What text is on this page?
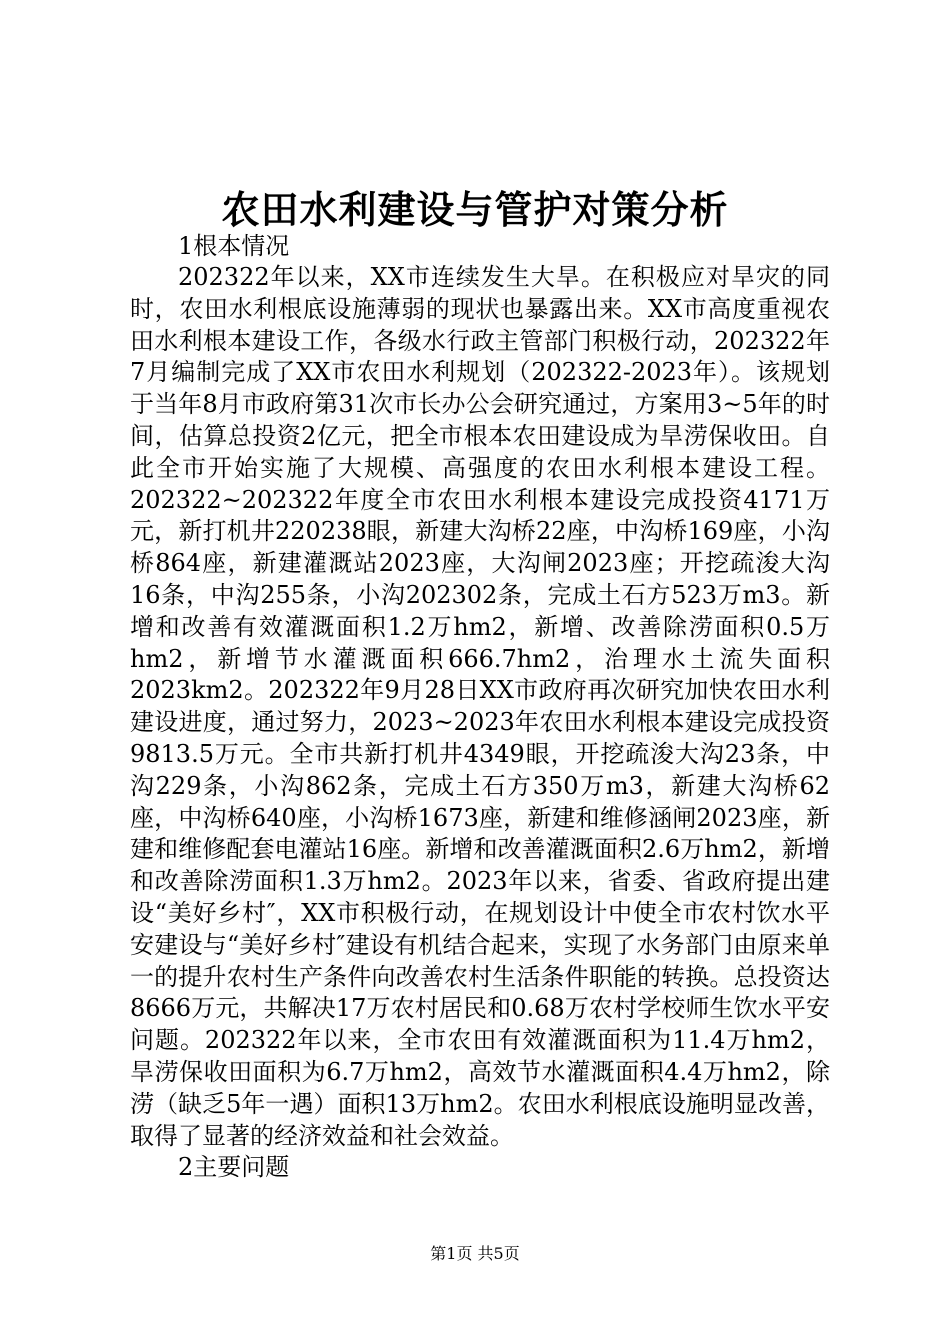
农田水利建设与管护对策分析
1根本情况

202322年以来，XX市连续发生大旱。在积极应对旱灾的同时，农田水利根底设施薄弱的现状也暴露出来。XX市高度重视农田水利根本建设工作，各级水行政主管部门积极行动，202322年7月编制完成了XX市农田水利规划（202322-2023年）。该规划于当年8月市政府第31次市长办公会研究通过，方案用3~5年的时间，估算总投资2亿元，把全市根本农田建设成为旱涝保收田。自此全市开始实施了大规模、高强度的农田水利根本建设工程。202322~202322年度全市农田水利根本建设完成投资4171万元，新打机井220238眼，新建大沟桥22座，中沟桥169座，小沟桥864座，新建灌溉站2023座，大沟闸2023座；开挖疏浚大沟16条，中沟255条，小沟202302条，完成土石方523万m3。新增和改善有效灌溉面积1.2万hm2，新增、改善除涝面积0.5万hm2，新增节水灌溉面积666.7hm2，治理水土流失面积2023km2。202322年9月28日XX市政府再次研究加快农田水利建设进度，通过努力，2023~2023年农田水利根本建设完成投资9813.5万元。全市共新打机井4349眼，开挖疏浚大沟23条，中沟229条，小沟862条，完成土石方350万m3，新建大沟桥62座，中沟桥640座，小沟桥1673座，新建和维修涵闸2023座，新建和维修配套电灌站16座。新增和改善灌溉面积2.6万hm2，新增和改善除涝面积1.3万hm2。2023年以来，省委、省政府提出建设“美好乡村″，XX市积极行动，在规划设计中使全市农村饮水平安建设与“美好乡村″建设有机结合起来，实现了水务部门由原来单一的提升农村生产条件向改善农村生活条件职能的转换。总投资达8666万元，共解决17万农村居民和0.68万农村学校师生饮水平安问题。202322年以来，全市农田有效灌溉面积为11.4万hm2，旱涝保收田面积为6.7万hm2，高效节水灌溉面积4.4万hm2，除涝（缺乏5年一遇）面积13万hm2。农田水利根底设施明显改善，取得了显著的经济效益和社会效益。

2主要问题
第1页 共5页
